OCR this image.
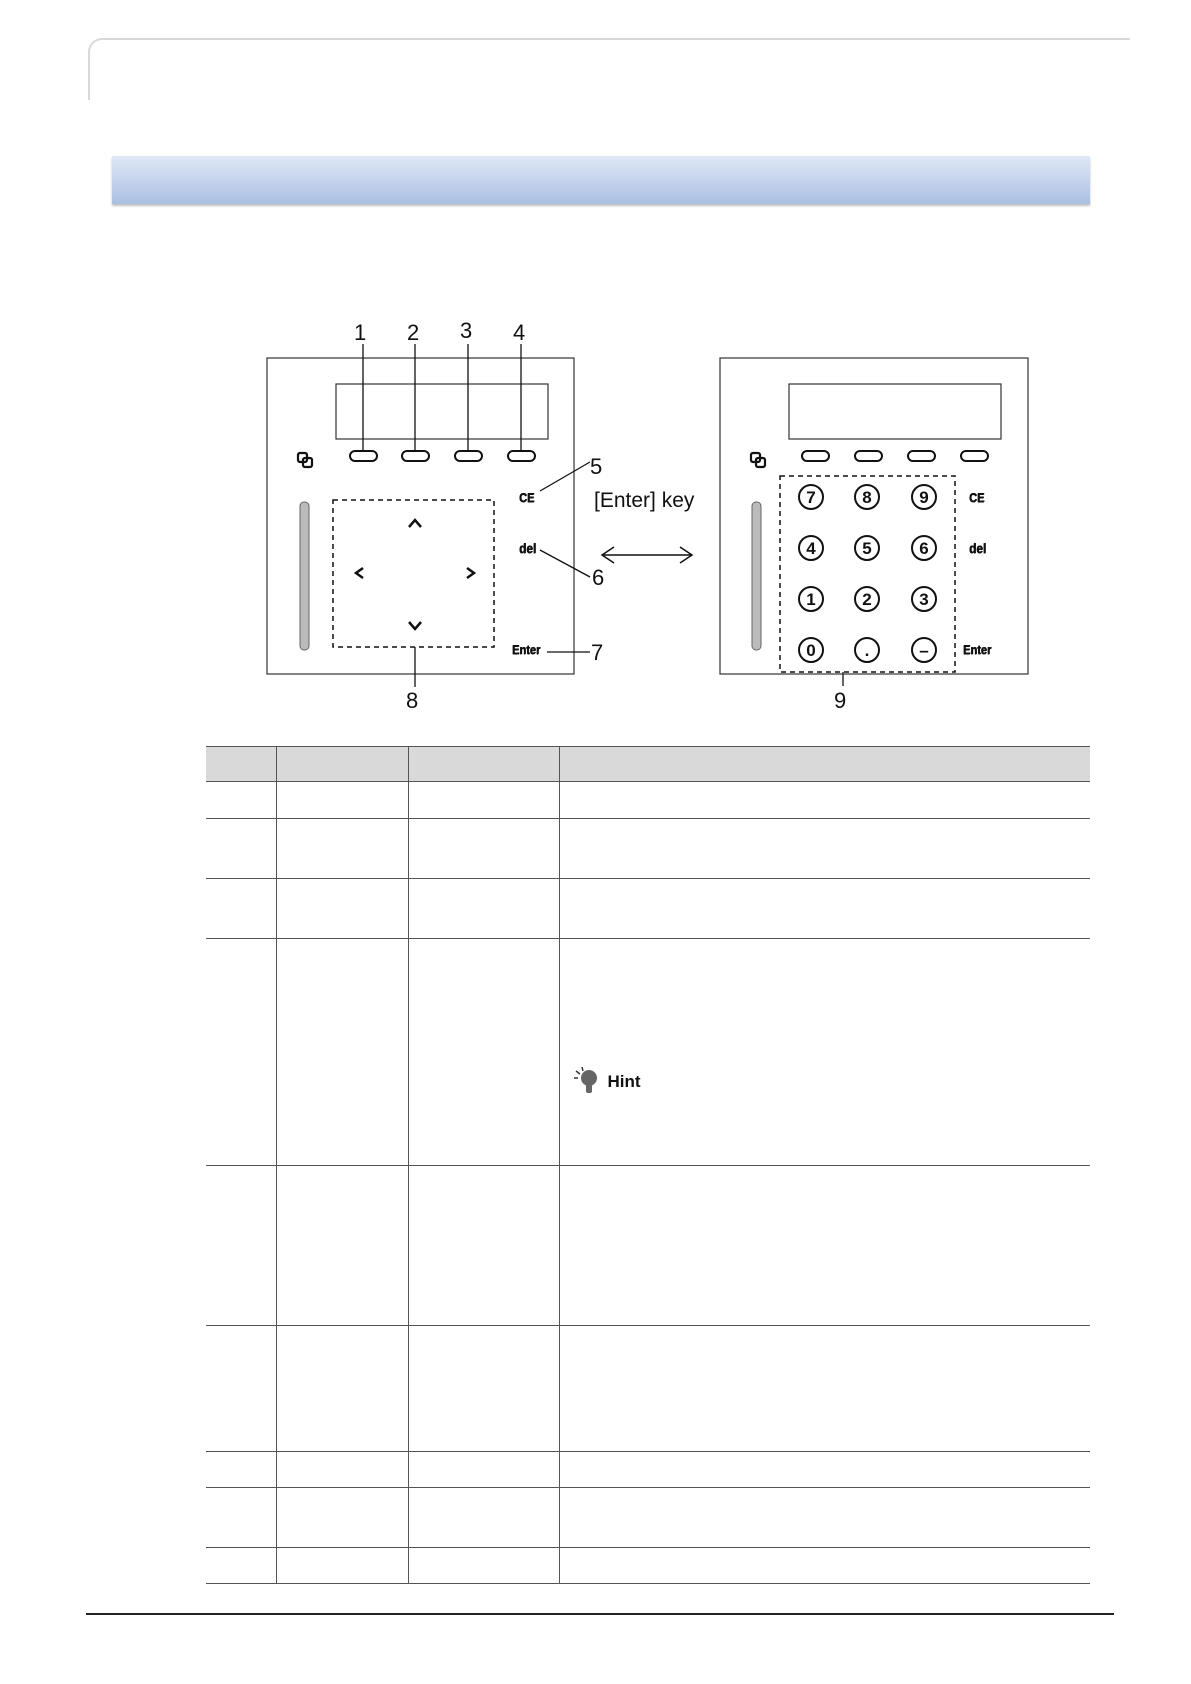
1 2 3 4
5
6
7
8	9
[Enter] key
CE
del
Enter
CE
del
Enter
7	8	9
4	5	6
1	2	3
0	.	–

			Hint
